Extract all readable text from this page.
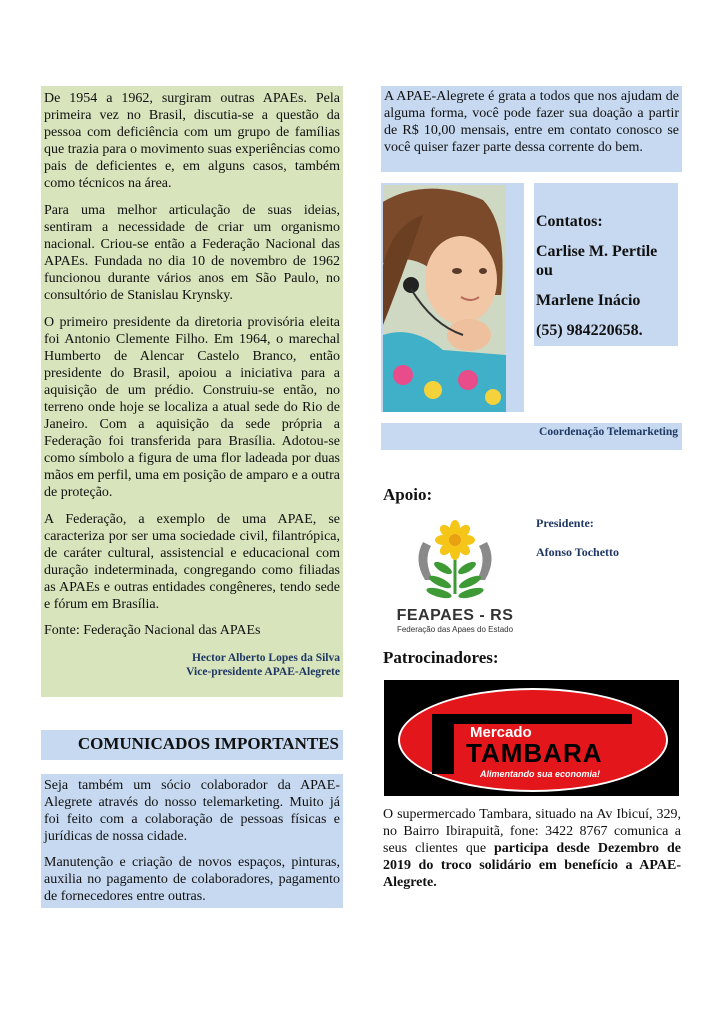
De 1954 a 1962, surgiram outras APAEs. Pela primeira vez no Brasil, discutia-se a questão da pessoa com deficiência com um grupo de famílias que trazia para o movimento suas experiências como pais de deficientes e, em alguns casos, também como técnicos na área.

Para uma melhor articulação de suas ideias, sentiram a necessidade de criar um organismo nacional. Criou-se então a Federação Nacional das APAEs. Fundada no dia 10 de novembro de 1962 funcionou durante vários anos em São Paulo, no consultório de Stanislau Krynsky.

O primeiro presidente da diretoria provisória eleita foi Antonio Clemente Filho. Em 1964, o marechal Humberto de Alencar Castelo Branco, então presidente do Brasil, apoiou a iniciativa para a aquisição de um prédio. Construiu-se então, no terreno onde hoje se localiza a atual sede do Rio de Janeiro. Com a aquisição da sede própria a Federação foi transferida para Brasília. Adotou-se como símbolo a figura de uma flor ladeada por duas mãos em perfil, uma em posição de amparo e a outra de proteção.

A Federação, a exemplo de uma APAE, se caracteriza por ser uma sociedade civil, filantrópica, de caráter cultural, assistencial e educacional com duração indeterminada, congregando como filiadas as APAEs e outras entidades congêneres, tendo sede e fórum em Brasília.

Fonte: Federação Nacional das APAEs

Hector Alberto Lopes da Silva

Vice-presidente APAE-Alegrete

COMUNICADOS IMPORTANTES

Seja também um sócio colaborador da APAE-Alegrete através do nosso telemarketing. Muito já foi feito com a colaboração de pessoas físicas e jurídicas de nossa cidade.

Manutenção e criação de novos espaços, pinturas, auxilia no pagamento de colaboradores, pagamento de fornecedores entre outras.

A APAE-Alegrete é grata a todos que nos ajudam de alguma forma, você pode fazer sua doação a partir de R$ 10,00 mensais, entre em contato conosco se você quiser fazer parte dessa corrente do bem.

Contatos:

Carlise M. Pertile

ou

Marlene Inácio

(55) 984220658.

Coordenação Telemarketing

Apoio:

FEAPAES - RS

Federação das Apaes do Estado

Presidente:

Afonso Tochetto

Patrocinadores:

Mercado

TAMBARA

Alimentando sua economia!

O supermercado Tambara, situado na Av Ibicuí, 329, no Bairro Ibirapuitã, fone: 3422 8767 comunica a seus clientes que participa desde Dezembro de 2019 do troco solidário em benefício a APAE-Alegrete.
